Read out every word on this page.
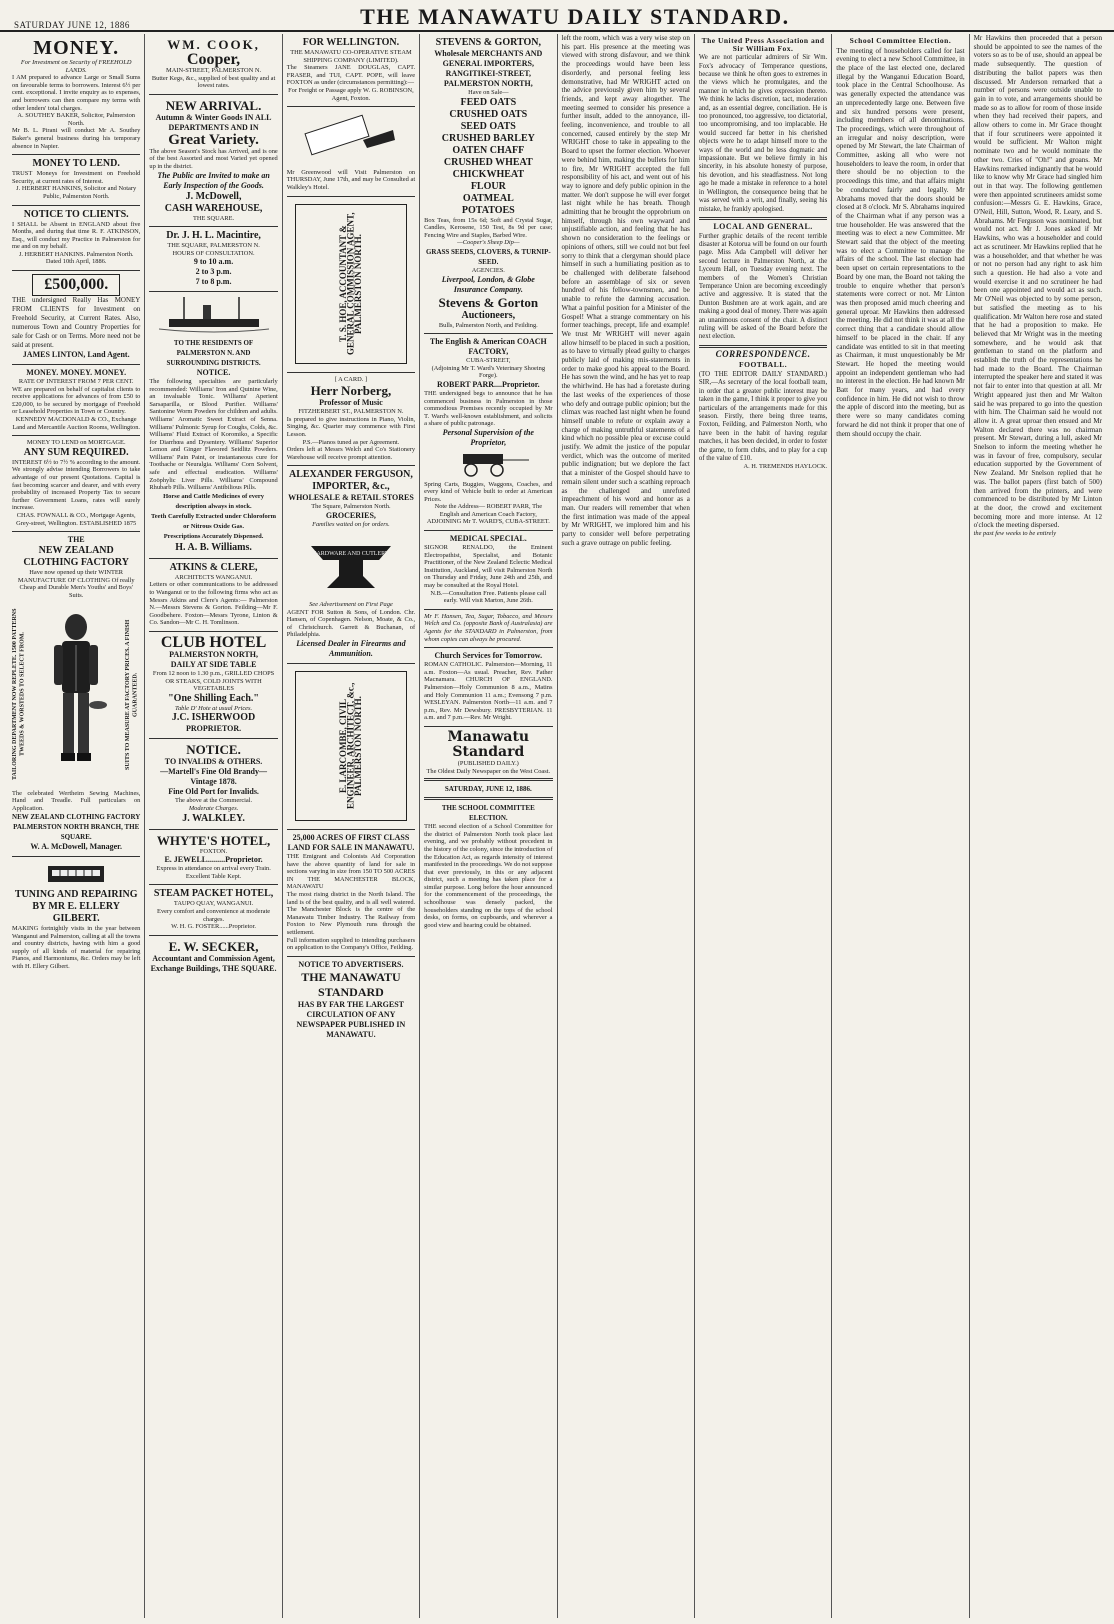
SATURDAY JUNE 12, 1886	THE MANAWATU DAILY STANDARD.
MONEY.
For Investment on Security of FREEHOLD LANDS.
I AM prepared to advance Large or Small Sums on favourable terms to borrowers. Interest 6½ per cent. exceptional. I invite enquiry as to expenses, and borrowers can then compare my terms with other lenders' total charges.
A. SOUTHEY BAKER, Solicitor, Palmerston North.
Mr B. L. Pirani will conduct Mr A. Southey Baker's general business during his temporary absence in Napier.
MONEY TO LEND.
TRUST Moneys for Investment on Freehold Security, at current rates of Interest.
J. HERBERT HANKINS, Solicitor and Notary Public, Palmerston North.
NOTICE TO CLIENTS.
I SHALL be Absent in ENGLAND about five Months, and during that time R. F. ATKINSON, Esq., will conduct my Practice in Palmerston for me and on my behalf.
J. HERBERT HANKINS. Palmerston North. Dated 10th April, 1886.
£500,000.
THE undersigned Really Has MONEY FROM CLIENTS for Investment on Freehold Security, at Current Rates. Also, numerous Town and Country Properties for sale for Cash or on Terms. More need not be said at present.
JAMES LINTON, Land Agent.
MONEY. MONEY. MONEY.
RATE OF INTEREST FROM 7 PER CENT.
WE are prepared on behalf of capitalist clients to receive applications for advances of from £50 to £20,000, to be secured by mortgage of Freehold or Leasehold Properties in Town or Country.
KENNEDY MACDONALD & CO., Exchange Land and Mercantile Auction Rooms, Wellington.
MONEY TO LEND on MORTGAGE.
ANY SUM REQUIRED.
INTEREST 6½ to 7½ % according to the amount. We strongly advise intending Borrowers to take advantage of our present Quotations. Capital is fast becoming scarcer and dearer, and with every probability of increased Property Tax to secure further Government Loans, rates will surely increase.
CHAS. FOWNALL & CO., Mortgage Agents, Grey-street, Wellington. ESTABLISHED 1875
THE
NEW ZEALAND CLOTHING FACTORY
Have now opened up their WINTER MANUFACTURE OF CLOTHING Of really Cheap and Durable Men's Youths' and Boys' Suits.
TAILORING DEPARTMENT NOW REPLETE. 1500 PATTERNS TWEEDS & WORSTEDS TO SELECT FROM.	SUITS TO MEASURE AT FACTORY PRICES. A FINISH GUARANTEED.
The celebrated Wertheim Sewing Machines, Hand and Treadle. Full particulars on Application.
NEW ZEALAND CLOTHING FACTORY PALMERSTON NORTH BRANCH, THE SQUARE.
W. A. McDowell, Manager.
TUNING AND REPAIRING BY MR E. ELLERY GILBERT.
MAKING fortnightly visits in the year between Wanganui and Palmerston, calling at all the towns and country districts, having with him a good supply of all kinds of material for repairing Pianos, and Harmoniums, &c. Orders may be left with H. Ellery Gilbert.
WM. COOK,
Cooper,
MAIN-STREET, PALMERSTON N.
Butter Kegs, &c., supplied of best quality and at lowest rates.
NEW ARRIVAL.
Autumn & Winter Goods IN ALL DEPARTMENTS AND IN
Great Variety.
The above Season's Stock has Arrived, and is one of the best Assorted and most Varied yet opened up in the district.
The Public are Invited to make an Early Inspection of the Goods.
J. McDowell,
CASH WAREHOUSE,
THE SQUARE.
Dr. J. H. L. Macintire,
THE SQUARE, PALMERSTON N.
HOURS OF CONSULTATION.
9 to 10 a.m.
2 to 3 p.m.
7 to 8 p.m.
TO THE RESIDENTS OF PALMERSTON N. AND SURROUNDING DISTRICTS.
NOTICE.
The following specialties are particularly recommended: Williams' Iron and Quinine Wine, an invaluable Tonic. Williams' Aperient Sarsaparilla, or Blood Purifier. Williams' Santonine Worm Powders for children and adults. Williams' Aromatic Sweet Extract of Senna. Williams' Pulmonic Syrup for Coughs, Colds, &c. Williams' Fluid Extract of Koromiko, a Specific for Diarrhœa and Dysentery. Williams' Superior Lemon and Ginger Flavored Seidlitz Powders. Williams' Pain Paint, or instantaneous cure for Toothache or Neuralgia. Williams' Corn Solvent, safe and effectual eradication. Williams' Zoöphylic Liver Pills. Williams' Compound Rhubarb Pills. Williams' Antibilious Pills.
Horse and Cattle Medicines of every description always in stock.
Teeth Carefully Extracted under Chloroform or Nitrous Oxide Gas.
Prescriptions Accurately Dispensed.
H. A. B. Williams.
ATKINS & CLERE,
ARCHITECTS WANGANUI.
Letters or other communications to be addressed to Wanganui or to the following firms who act as Messrs Atkins and Clere's Agents:— Palmerston N.—Messrs Stevens & Gorton. Feilding—Mr F. Goodbehere. Foxton—Messrs Tyrone, Linton & Co. Sandon—Mr C. H. Tomlinson.
CLUB HOTEL
PALMERSTON NORTH,
DAILY AT SIDE TABLE
From 12 noon to 1.30 p.m., GRILLED CHOPS OR STEAKS, COLD JOINTS WITH VEGETABLES
"One Shilling Each."
Table D' Hote at usual Prices.
J.C. ISHERWOOD
PROPRIETOR.
NOTICE.
TO INVALIDS & OTHERS.
—Martell's Fine Old Brandy— Vintage 1878.
Fine Old Port for Invalids.
The above at the Commercial.
Moderate Charges.
J. WALKLEY.
WHYTE'S HOTEL,
FOXTON.
E. JEWELL.........Proprietor.
Express in attendance on arrival every Train. Excellent Table Kept.
STEAM PACKET HOTEL,
TAUPO QUAY, WANGANUI.
Every comfort and convenience at moderate charges.
W. H. G. FOSTER......Proprietor.
E. W. SECKER,
Accountant and Commission Agent,
Exchange Buildings, THE SQUARE.
FOR WELLINGTON.
THE MANAWATU CO-OPERATIVE STEAM SHIPPING COMPANY (LIMITED).
The Steamers JANE DOUGLAS, CAPT. FRASER, and TUI, CAPT. POPE, will leave FOXTON as under (circumstances permitting):—
For Freight or Passage apply W. G. ROBINSON, Agent, Foxton.
Mr Greenwood will Visit Palmerston on THURSDAY, June 17th, and may be Consulted at Walkley's Hotel.
T. S. HOE, ACCOUNTANT & GENERAL COMMISSION AGENT, PALMERSTON NORTH.
[ A CARD. ]
Herr Norberg,
Professor of Music
FITZHERBERT ST., PALMERSTON N.
Is prepared to give instructions in Piano, Violin, Singing, &c. Quarter may commence with First Lesson.
P.S.—Pianos tuned as per Agreement.
Orders left at Messrs Welch and Co's Stationery Warehouse will receive prompt attention.
ALEXANDER FERGUSON,
IMPORTER, &c.,
WHOLESALE & RETAIL STORES
The Square, Palmerston North.
GROCERIES,
Families waited on for orders.
HARDWARE AND CUTLERY.
See Advertisement on First Page
AGENT FOR Sutton & Sons, of London. Chr. Hansen, of Copenhagen. Nelson, Moate, & Co., of Christchurch. Garrett & Buchanan, of Philadelphia.
Licensed Dealer in Firearms and Ammunition.
E. LARCOMBE, CIVIL ENGINEER, ARCHITECT, &c., PALMERSTON NORTH.
25,000 ACRES OF FIRST CLASS LAND FOR SALE IN MANAWATU.
THE Emigrant and Colonists Aid Corporation have the above quantity of land for sale in sections varying in size from 150 TO 500 ACRES IN THE MANCHESTER BLOCK, MANAWATU
The most rising district in the North Island. The land is of the best quality, and is all well watered. The Manchester Block is the centre of the Manawatu Timber Industry. The Railway from Foxton to New Plymouth runs through the settlement.
Full information supplied to intending purchasers on application to the Company's Office, Feilding.
NOTICE TO ADVERTISERS.
THE MANAWATU STANDARD
HAS BY FAR THE LARGEST CIRCULATION OF ANY NEWSPAPER PUBLISHED IN MANAWATU.
STEVENS & GORTON,
Wholesale MERCHANTS AND GENERAL IMPORTERS,
RANGITIKEI-STREET, PALMERSTON NORTH,
Have on Sale—
FEED OATS
CRUSHED OATS
SEED OATS
CRUSHED BARLEY
OATEN CHAFF
CRUSHED WHEAT
CHICKWHEAT
FLOUR
OATMEAL
POTATOES
Box Teas, from 15s 6d; Soft and Crystal Sugar, Candles, Kerosene, 150 Test, 8s 9d per case; Fencing Wire and Staples, Barbed Wire.
—Cooper's Sheep Dip—
GRASS SEEDS, CLOVERS, & TURNIP-SEED.
AGENCIES.
Liverpool, London, & Globe Insurance Company.
Stevens & Gorton
Auctioneers,
Bulls, Palmerston North, and Feilding.
The English & American COACH FACTORY,
CUBA-STREET,
(Adjoining Mr T. Ward's Veterinary Shoeing Forge).
ROBERT PARR....Proprietor.
THE undersigned begs to announce that he has commenced business in Palmerston in those commodious Premises recently occupied by Mr T. Ward's well-known establishment, and solicits a share of public patronage.
Personal Supervision of the Proprietor,
Spring Carts, Buggies, Waggons, Coaches, and every kind of Vehicle built to order at American Prices.
Note the Address— ROBERT PARR, The English and American Coach Factory, ADJOINING Mr T. WARD'S, CUBA-STREET.
MEDICAL SPECIAL.
SIGNOR RENALDO, the Eminent Electropathist, Specialist, and Botanic Practitioner, of the New Zealand Eclectic Medical Institution, Auckland, will visit Palmerston North on Thursday and Friday, June 24th and 25th, and may be consulted at the Royal Hotel.
N.B.—Consultation Free. Patients please call early. Will visit Marton, June 26th.
Mr F. Hansen, Tea, Sugar, Tobacco, and Messrs Welch and Co. (opposite Bank of Australasia) are Agents for the STANDARD in Palmerston, from whom copies can always be procured.
Church Services for Tomorrow.
ROMAN CATHOLIC. Palmerston—Morning, 11 a.m. Foxton—As usual. Preacher, Rev. Father Macnamara. CHURCH OF ENGLAND. Palmerston—Holy Communion 8 a.m., Matins and Holy Communion 11 a.m.; Evensong 7 p.m. WESLEYAN. Palmerston North—11 a.m. and 7 p.m., Rev. Mr Dewsbury. PRESBYTERIAN. 11 a.m. and 7 p.m.—Rev. Mr Wright.
Manawatu Standard
(PUBLISHED DAILY.)
The Oldest Daily Newspaper on the West Coast.
SATURDAY, JUNE 12, 1886.
THE SCHOOL COMMITTEE ELECTION.
THE second election of a School Committee for the district of Palmerston North took place last evening, and we probably without precedent in the history of the colony, since the introduction of the Education Act, as regards intensity of interest manifested in the proceedings. We do not suppose that ever previously, in this or any adjacent district, such a meeting has taken place for a similar purpose. Long before the hour announced for the commencement of the proceedings, the schoolhouse was densely packed, the householders standing on the tops of the school desks, on forms, on cupboards, and wherever a good view and hearing could be obtained.
left the room, which was a very wise step on his part. His presence at the meeting was viewed with strong disfavour, and we think the proceedings would have been less disorderly, and personal feeling less demonstrative, had Mr WRIGHT acted on the advice previously given him by several friends, and kept away altogether. The meeting seemed to consider his presence a further insult, added to the annoyance, ill-feeling, inconvenience, and trouble to all concerned, caused entirely by the step Mr WRIGHT chose to take in appealing to the Board to upset the former election. Whoever were behind him, making the bullets for him to fire, Mr WRIGHT accepted the full responsibility of his act, and went out of his way to ignore and defy public opinion in the matter. We don't suppose he will ever forget last night while he has breath. Though admitting that he brought the opprobrium on himself, through his own wayward and unjustifiable action, and feeling that he has shown no consideration to the feelings or opinions of others, still we could not but feel sorry to think that a clergyman should place himself in such a humiliating position as to be challenged with deliberate falsehood before an assemblage of six or seven hundred of his fellow-townsmen, and be unable to refute the damning accusation. What a painful position for a Minister of the Gospel! What a strange commentary on his former teachings, precept, life and example! We trust Mr WRIGHT will never again allow himself to be placed in such a position, as to have to virtually plead guilty to charges publicly laid of making mis-statements in order to make good his appeal to the Board. He has sown the wind, and he has yet to reap the whirlwind. He has had a foretaste during the last weeks of the experiences of those who defy and outrage public opinion; but the climax was reached last night when he found himself unable to refute or explain away a charge of making untruthful statements of a kind which no possible plea or excuse could justify. We admit the justice of the popular verdict, which was the outcome of merited public indignation; but we deplore the fact that a minister of the Gospel should have to remain silent under such a scathing reproach as the challenged and unrefuted impeachment of his word and honor as a man. Our readers will remember that when the first intimation was made of the appeal by Mr WRIGHT, we implored him and his party to consider well before perpetrating such a grave outrage on public feeling.
The United Press Association and Sir William Fox.
We are not particular admirers of Sir Wm. Fox's advocacy of Temperance questions, because we think he often goes to extremes in the views which he promulgates, and the manner in which he gives expression thereto. We think he lacks discretion, tact, moderation and, as an essential degree, conciliation. He is too pronounced, too aggressive, too dictatorial, too uncompromising, and too implacable. He would succeed far better in his cherished objects were he to adapt himself more to the ways of the world and be less dogmatic and impassionate. But we believe firmly in his sincerity, in his absolute honesty of purpose, his devotion, and his steadfastness. Not long ago he made a mistake in reference to a hotel in Wellington, the consequence being that he was served with a writ, and finally, seeing his mistake, he frankly apologised.
LOCAL AND GENERAL.
Further graphic details of the recent terrible disaster at Kotorua will be found on our fourth page. Miss Ada Campbell will deliver her second lecture in Palmerston North, at the Lyceum Hall, on Tuesday evening next. The members of the Women's Christian Temperance Union are becoming exceedingly active and aggressive. It is stated that the Dunton Bushmen are at work again, and are making a good deal of money. There was again an unanimous consent of the chair. A distinct ruling will be asked of the Board before the next election.
CORRESPONDENCE.
FOOTBALL.
(TO THE EDITOR DAILY STANDARD.) SIR,—As secretary of the local football team, in order that a greater public interest may be taken in the game, I think it proper to give you particulars of the arrangements made for this season. Firstly, there being three teams, Foxton, Feilding, and Palmerston North, who have been in the habit of having regular matches, it has been decided, in order to foster the game, to form clubs, and to play for a cup of the value of £10.
A. H. TREMENDS HAYLOCK.
School Committee Election.
The meeting of householders called for last evening to elect a new School Committee, in the place of the last elected one, declared illegal by the Wanganui Education Board, took place in the Central Schoolhouse. As was generally expected the attendance was an unprecedentedly large one. Between five and six hundred persons were present, including members of all denominations. The proceedings, which were throughout of an irregular and noisy description, were opened by Mr Stewart, the late Chairman of Committee, asking all who were not householders to leave the room, in order that there should be no objection to the proceedings this time, and that affairs might be conducted fairly and legally. Mr Abrahams moved that the doors should be closed at 8 o'clock. Mr S. Abrahams inquired of the Chairman what if any person was a true householder. He was answered that the meeting was to elect a new Committee. Mr Stewart said that the object of the meeting was to elect a Committee to manage the affairs of the school. The last election had been upset on certain representations to the Board by one man, the Board not taking the trouble to enquire whether that person's statements were correct or not. Mr Linton was then proposed amid much cheering and general uproar. Mr Hawkins then addressed the meeting. He did not think it was at all the correct thing that a candidate should allow himself to be placed in the chair. If any candidate was entitled to sit in that meeting as Chairman, it must unquestionably be Mr Stewart. He hoped the meeting would appoint an independent gentleman who had no interest in the election. He had known Mr Batt for many years, and had every confidence in him. He did not wish to throw the apple of discord into the meeting, but as there were so many candidates coming forward he did not think it proper that one of them should occupy the chair.
Mr Hawkins then proceeded that a person should be appointed to see the names of the voters so as to be of use, should an appeal be made subsequently. The question of distributing the ballot papers was then discussed. Mr Anderson remarked that a number of persons were outside unable to gain in to vote, and arrangements should be made so as to allow for room of those inside when they had received their papers, and allow others to come in. Mr Grace thought that if four scrutineers were appointed it would be sufficient. Mr Walton might nominate two and he would nominate the other two. Cries of "Oh!" and groans. Mr Hawkins remarked indignantly that he would like to know why Mr Grace had singled him out in that way. The following gentlemen were then appointed scrutineers amidst some confusion:—Messrs G. E. Hawkins, Grace, O'Neil, Hill, Sutton, Wood, R. Leary, and S. Abrahams. Mr Ferguson was nominated, but would not act. Mr J. Jones asked if Mr Hawkins, who was a householder and could act as scrutineer. Mr Hawkins replied that he was a householder, and that whether he was or not no person had any right to ask him such a question. He had also a vote and would exercise it and no scrutineer he had been one appointed and would act as such. Mr O'Neil was objected to by some person, but satisfied the meeting as to his qualification. Mr Walton here rose and stated that he had a proposition to make. He believed that Mr Wright was in the meeting somewhere, and he would ask that gentleman to stand on the platform and establish the truth of the representations he had made to the Board. The Chairman interrupted the speaker here and stated it was not fair to enter into that question at all. Mr Wright appeared just then and Mr Walton said he was prepared to go into the question with him. The Chairman said he would not allow it. A great uproar then ensued and Mr Walton declared there was no chairman present. Mr Stewart, during a lull, asked Mr Snelson to inform the meeting whether he was in favour of free, compulsory, secular education supported by the Government of New Zealand. Mr Snelson replied that he was. The ballot papers (first batch of 500) then arrived from the printers, and were commenced to be distributed by Mr Linton at the door, the crowd and excitement becoming more and more intense. At 12 o'clock the meeting dispersed.
the past few weeks to be entirely
